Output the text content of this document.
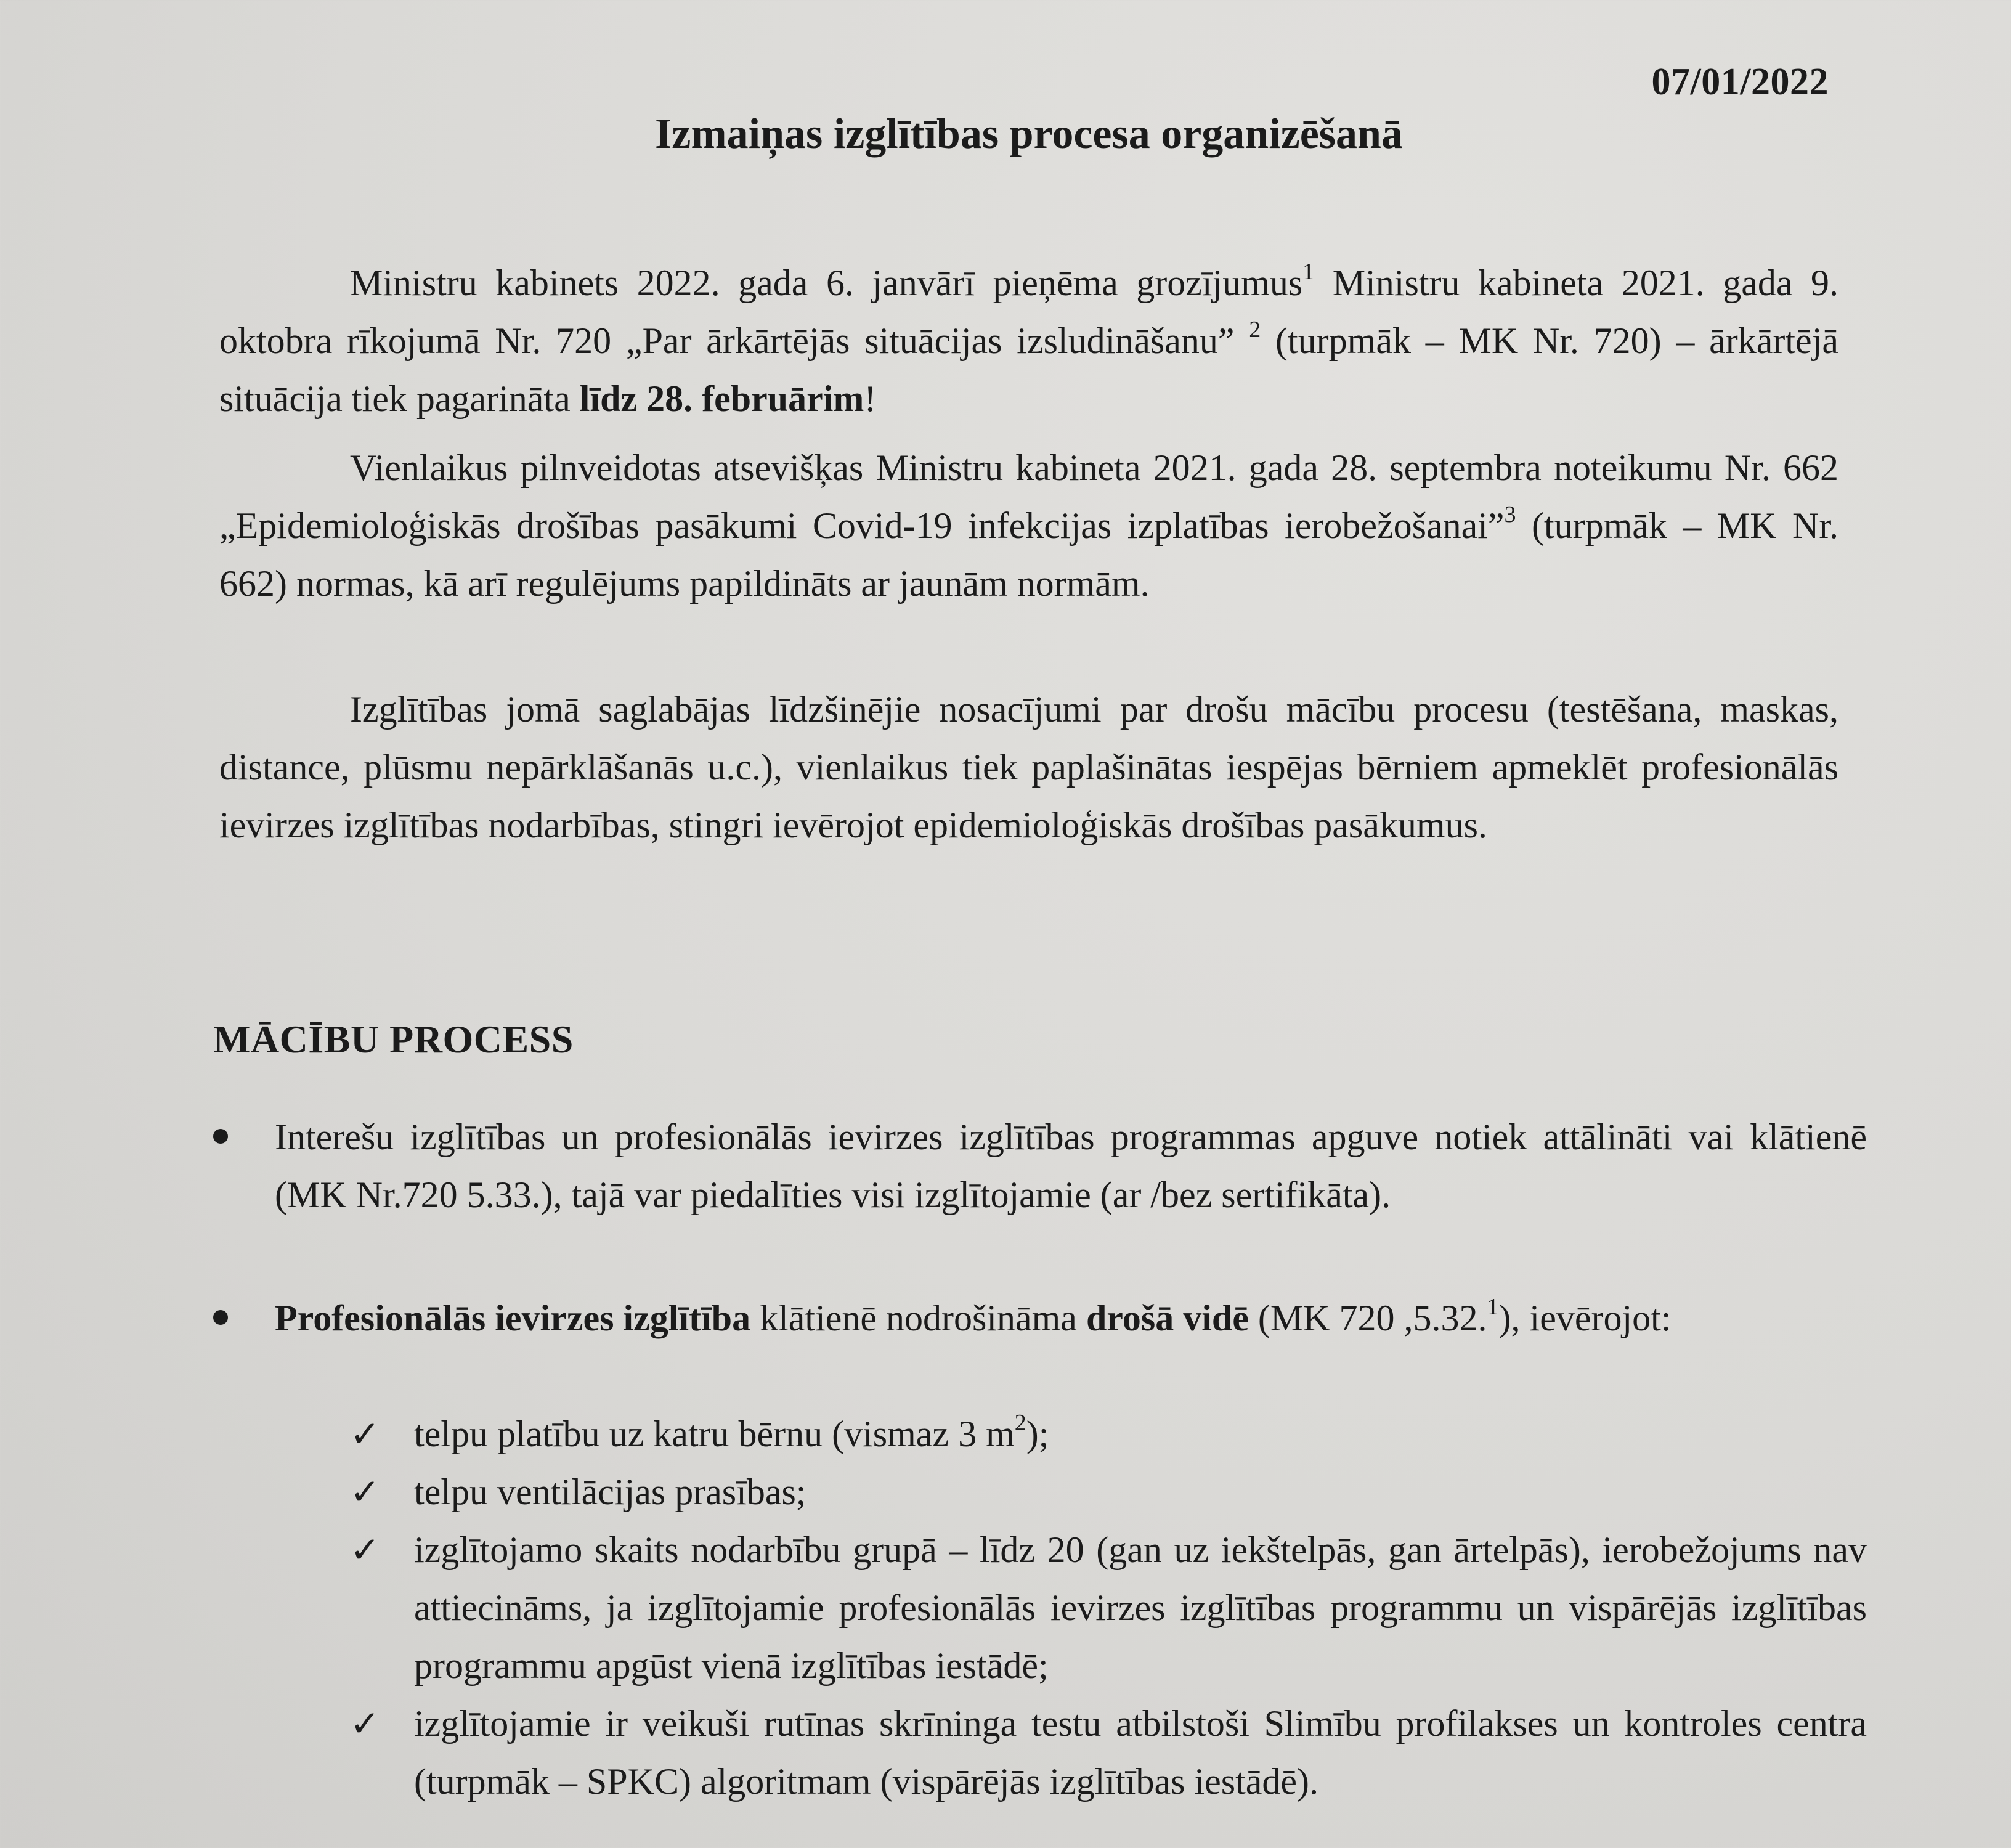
07/01/2022
Izmaiņas izglītības procesa organizēšanā

Ministru kabinets 2022. gada 6. janvārī pieņēma grozījumus$^1$ Ministru kabineta 2021. gada 9. oktobra rīkojumā Nr. 720 „Par ārkārtējās situācijas izsludināšanu” $^2$ (turpmāk – MK Nr. 720) – ārkārtējā situācija tiek pagarināta līdz 28. februārim!

Vienlaikus pilnveidotas atsevišķas Ministru kabineta 2021. gada 28. septembra noteikumu Nr. 662 „Epidemioloģiskās drošības pasākumi Covid-19 infekcijas izplatības ierobežošanai”$^3$ (turpmāk – MK Nr. 662) normas, kā arī regulējums papildināts ar jaunām normām.

Izglītības jomā saglabājas līdzšinējie nosacījumi par drošu mācību procesu (testēšana, maskas, distance, plūsmu nepārklāšanās u.c.), vienlaikus tiek paplašinātas iespējas bērniem apmeklēt profesionālās ievirzes izglītības nodarbības, stingri ievērojot epidemioloģiskās drošības pasākumus.

MĀCĪBU PROCESS
Interešu izglītības un profesionālās ievirzes izglītības programmas apguve notiek attālināti vai klātienē (MK Nr.720 5.33.), tajā var piedalīties visi izglītojamie (ar /bez sertifikāta).
Profesionālās ievirzes izglītība klātienē nodrošināma drošā vidē (MK 720 ,5.32.$^1$), ievērojot:
✓ telpu platību uz katru bērnu (vismaz 3 $m^2$);
✓ telpu ventilācijas prasības;
✓ izglītojamo skaits nodarbību grupā – līdz 20 (gan uz iekštelpās, gan ārtelpās), ierobežojums nav attiecināms, ja izglītojamie profesionālās ievirzes izglītības programmu un vispārējās izglītības programmu apgūst vienā izglītības iestādē;
✓ izglītojamie ir veikuši rutīnas skrīninga testu atbilstoši Slimību profilakses un kontroles centra (turpmāk – SPKC) algoritmam (vispārējās izglītības iestādē).
